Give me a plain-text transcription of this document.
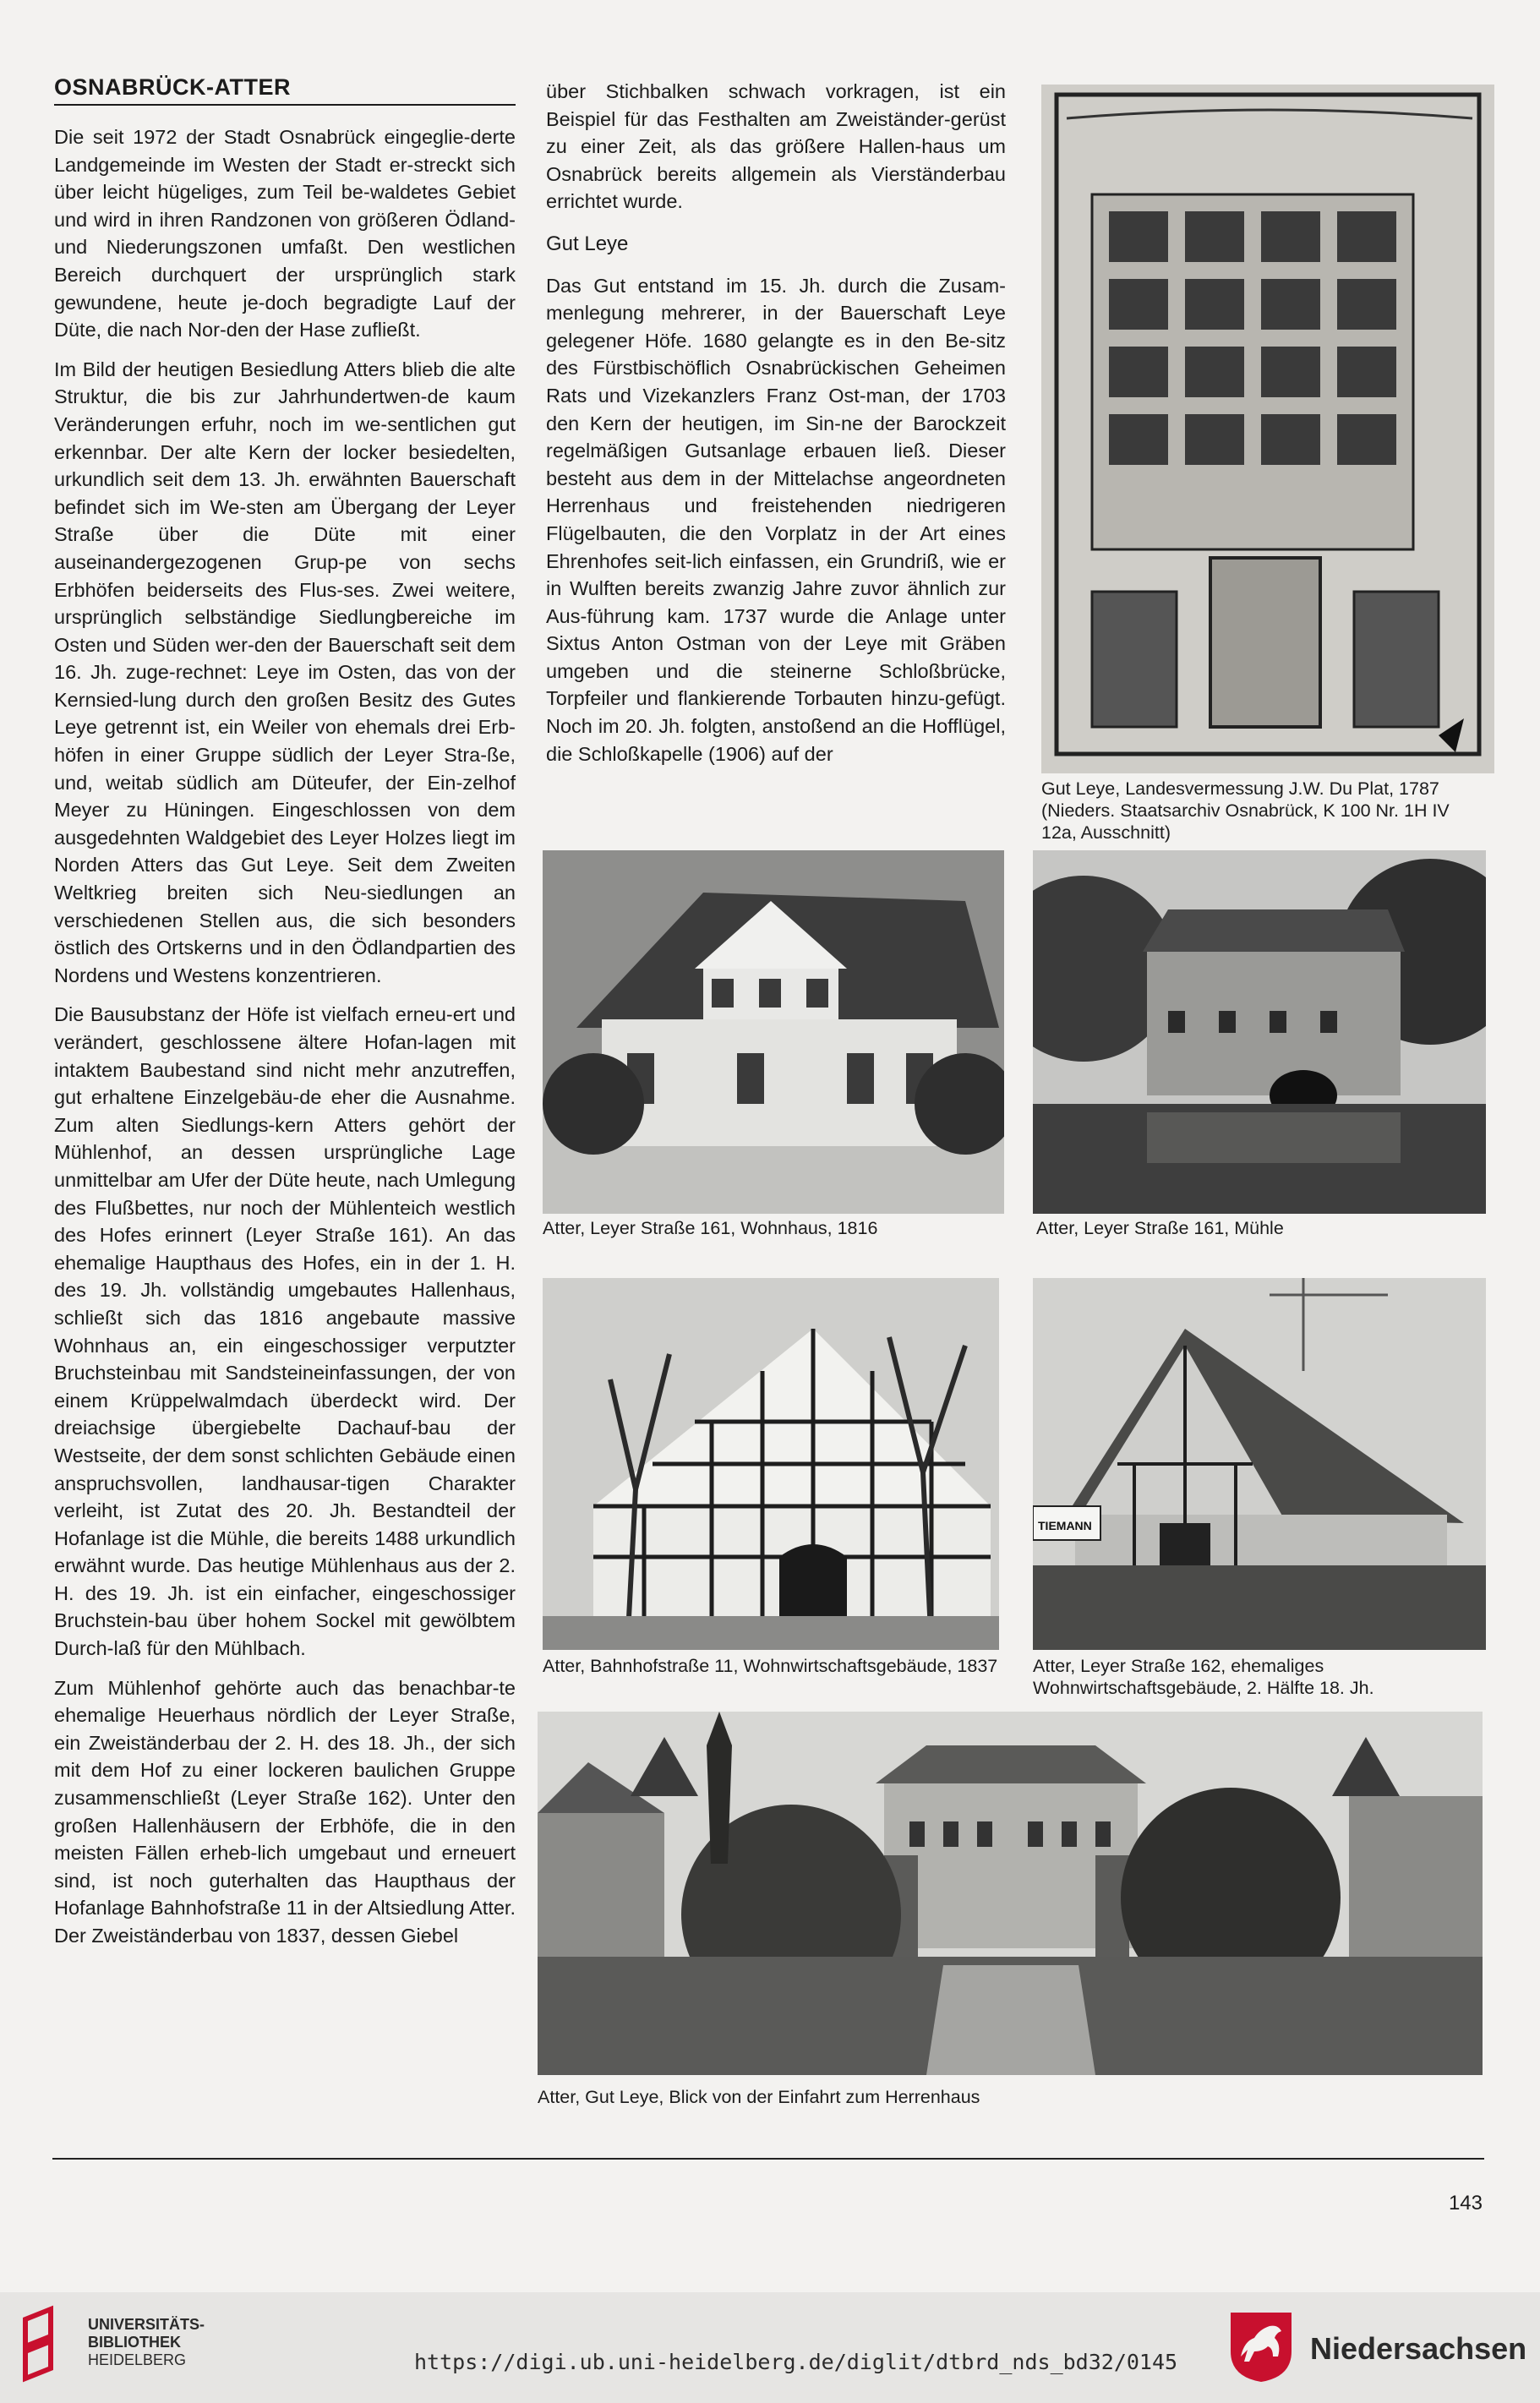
OSNABRÜCK-ATTER

Die seit 1972 der Stadt Osnabrück eingeglie-derte Landgemeinde im Westen der Stadt er-streckt sich über leicht hügeliges, zum Teil be-waldetes Gebiet und wird in ihren Randzonen von größeren Ödland- und Niederungszonen umfaßt. Den westlichen Bereich durchquert der ursprünglich stark gewundene, heute je-doch begradigte Lauf der Düte, die nach Nor-den der Hase zufließt.

Im Bild der heutigen Besiedlung Atters blieb die alte Struktur, die bis zur Jahrhundertwen-de kaum Veränderungen erfuhr, noch im we-sentlichen gut erkennbar. Der alte Kern der locker besiedelten, urkundlich seit dem 13. Jh. erwähnten Bauerschaft befindet sich im We-sten am Übergang der Leyer Straße über die Düte mit einer auseinandergezogenen Grup-pe von sechs Erbhöfen beiderseits des Flus-ses. Zwei weitere, ursprünglich selbständige Siedlungbereiche im Osten und Süden wer-den der Bauerschaft seit dem 16. Jh. zuge-rechnet: Leye im Osten, das von der Kernsied-lung durch den großen Besitz des Gutes Leye getrennt ist, ein Weiler von ehemals drei Erb-höfen in einer Gruppe südlich der Leyer Stra-ße, und, weitab südlich am Düteufer, der Ein-zelhof Meyer zu Hüningen. Eingeschlossen von dem ausgedehnten Waldgebiet des Leyer Holzes liegt im Norden Atters das Gut Leye. Seit dem Zweiten Weltkrieg breiten sich Neu-siedlungen an verschiedenen Stellen aus, die sich besonders östlich des Ortskerns und in den Ödlandpartien des Nordens und Westens konzentrieren.

Die Bausubstanz der Höfe ist vielfach erneu-ert und verändert, geschlossene ältere Hofan-lagen mit intaktem Baubestand sind nicht mehr anzutreffen, gut erhaltene Einzelgebäu-de eher die Ausnahme. Zum alten Siedlungs-kern Atters gehört der Mühlenhof, an dessen ursprüngliche Lage unmittelbar am Ufer der Düte heute, nach Umlegung des Flußbettes, nur noch der Mühlenteich westlich des Hofes erinnert (Leyer Straße 161). An das ehemalige Haupthaus des Hofes, ein in der 1. H. des 19. Jh. vollständig umgebautes Hallenhaus, schließt sich das 1816 angebaute massive Wohnhaus an, ein eingeschossiger verputzter Bruchsteinbau mit Sandsteineinfassungen, der von einem Krüppelwalmdach überdeckt wird. Der dreiachsige übergiebelte Dachauf-bau der Westseite, der dem sonst schlichten Gebäude einen anspruchsvollen, landhausar-tigen Charakter verleiht, ist Zutat des 20. Jh. Bestandteil der Hofanlage ist die Mühle, die bereits 1488 urkundlich erwähnt wurde. Das heutige Mühlenhaus aus der 2. H. des 19. Jh. ist ein einfacher, eingeschossiger Bruchstein-bau über hohem Sockel mit gewölbtem Durch-laß für den Mühlbach.

Zum Mühlenhof gehörte auch das benachbar-te ehemalige Heuerhaus nördlich der Leyer Straße, ein Zweiständerbau der 2. H. des 18. Jh., der sich mit dem Hof zu einer lockeren baulichen Gruppe zusammenschließt (Leyer Straße 162). Unter den großen Hallenhäusern der Erbhöfe, die in den meisten Fällen erheb-lich umgebaut und erneuert sind, ist noch guterhalten das Haupthaus der Hofanlage Bahnhofstraße 11 in der Altsiedlung Atter. Der Zweiständerbau von 1837, dessen Giebel

über Stichbalken schwach vorkragen, ist ein Beispiel für das Festhalten am Zweiständer-gerüst zu einer Zeit, als das größere Hallen-haus um Osnabrück bereits allgemein als Vierständerbau errichtet wurde.

Gut Leye

Das Gut entstand im 15. Jh. durch die Zusam-menlegung mehrerer, in der Bauerschaft Leye gelegener Höfe. 1680 gelangte es in den Be-sitz des Fürstbischöflich Osnabrückischen Geheimen Rats und Vizekanzlers Franz Ost-man, der 1703 den Kern der heutigen, im Sin-ne der Barockzeit regelmäßigen Gutsanlage erbauen ließ. Dieser besteht aus dem in der Mittelachse angeordneten Herrenhaus und freistehenden niedrigeren Flügelbauten, die den Vorplatz in der Art eines Ehrenhofes seit-lich einfassen, ein Grundriß, wie er in Wulften bereits zwanzig Jahre zuvor ähnlich zur Aus-führung kam. 1737 wurde die Anlage unter Sixtus Anton Ostman von der Leye mit Gräben umgeben und die steinerne Schloßbrücke, Torpfeiler und flankierende Torbauten hinzu-gefügt. Noch im 20. Jh. folgten, anstoßend an die Hofflügel, die Schloßkapelle (1906) auf der

Gut Leye, Landesvermessung J.W. Du Plat, 1787 (Nieders. Staatsarchiv Osnabrück, K 100 Nr. 1H IV 12a, Ausschnitt)
Atter, Leyer Straße 161, Wohnhaus, 1816	Atter, Leyer Straße 161, Mühle
Atter, Bahnhofstraße 11, Wohnwirtschaftsgebäude, 1837
TIEMANN
Atter, Leyer Straße 162, ehemaliges Wohnwirtschaftsgebäude, 2. Hälfte 18. Jh.
Atter, Gut Leye, Blick von der Einfahrt zum Herrenhaus
143
UNIVERSITÄTS-
BIBLIOTHEK
HEIDELBERG	https://digi.ub.uni-heidelberg.de/diglit/dtbrd_nds_bd32/0145	Niedersachsen
